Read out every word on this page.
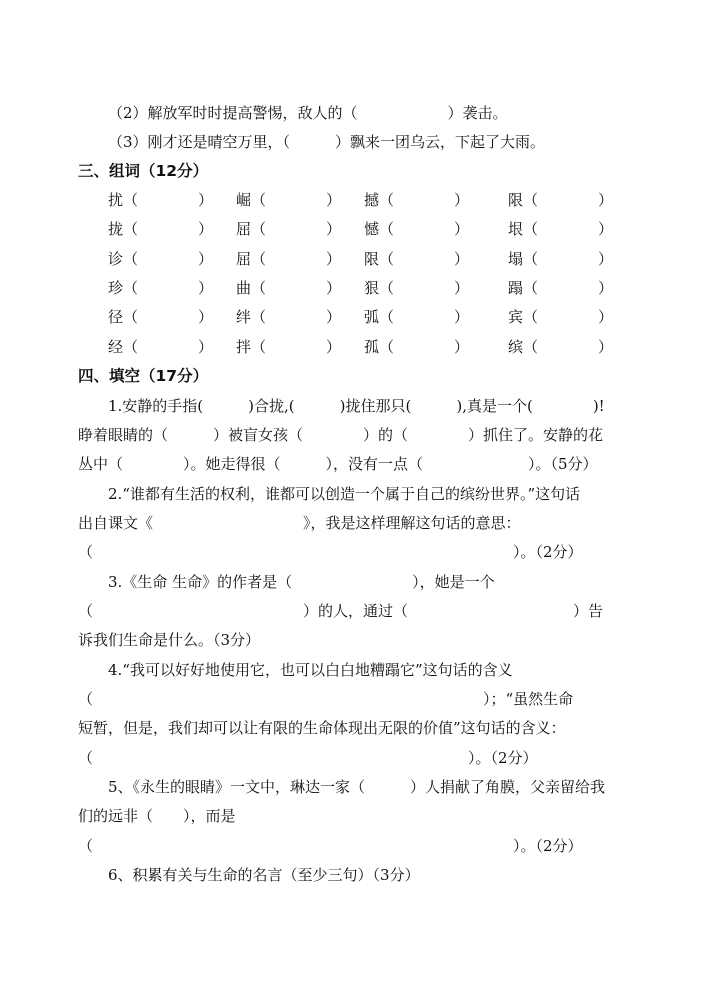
（2）解放军时时提高警惕，敌人的（　　　　　　）袭击。
（3）刚才还是晴空万里，（　　　）飘来一团乌云，下起了大雨。
三、组词（12分）
扰（　　　　） 崛（　　　　） 撼（　　　　）	限（　　　　）
拢（　　　　） 屈（　　　　） 憾（　　　　）	垠（　　　　）
诊（　　　　） 屈（　　　　） 限（　　　　）	塌（　　　　）
珍（　　　　） 曲（　　　　） 狠（　　　　）	蹋（　　　　）
径（　　　　） 绊（　　　　） 弧（　　　　）	宾（　　　　）
经（　　　　） 拌（　　　　） 孤（　　　　）	缤（　　　　）
四、填空（17分）
1.安静的手指(　　　)合拢,(　　　)拢住那只(　　　),真是一个(　　　　)!
睁着眼睛的（　　　）被盲女孩（　　　　）的（　　　　）抓住了。安静的花
丛中（　　　　）。她走得很（　　　），没有一点（　　　　　　　）。（5分）
2.“谁都有生活的权利，谁都可以创造一个属于自己的缤纷世界。”这句话
出自课文《　　　　　　　　　　》，我是这样理解这句话的意思：
（　　　　　　　　　　　　　　　　　　　　　　　　　　　　）。（2分）
3.《生命 生命》的作者是（　　　　　　　　），她是一个
（　　　　　　　　　　　　　　）的人，通过（　　　　　　　　　　　）告
诉我们生命是什么。（3分）
4.“我可以好好地使用它，也可以白白地糟蹋它”这句话的含义
（　　　　　　　　　　　　　　　　　　　　　　　　　　）；“虽然生命
短暂，但是，我们却可以让有限的生命体现出无限的价值”这句话的含义：
（　　　　　　　　　　　　　　　　　　　　　　　　　）。（2分）
5、《永生的眼睛》一文中，琳达一家（　　　）人捐献了角膜，父亲留给我
们的远非（　　），而是
（　　　　　　　　　　　　　　　　　　　　　　　　　　　　）。（2分）
6、积累有关与生命的名言（至少三句）（3分）
